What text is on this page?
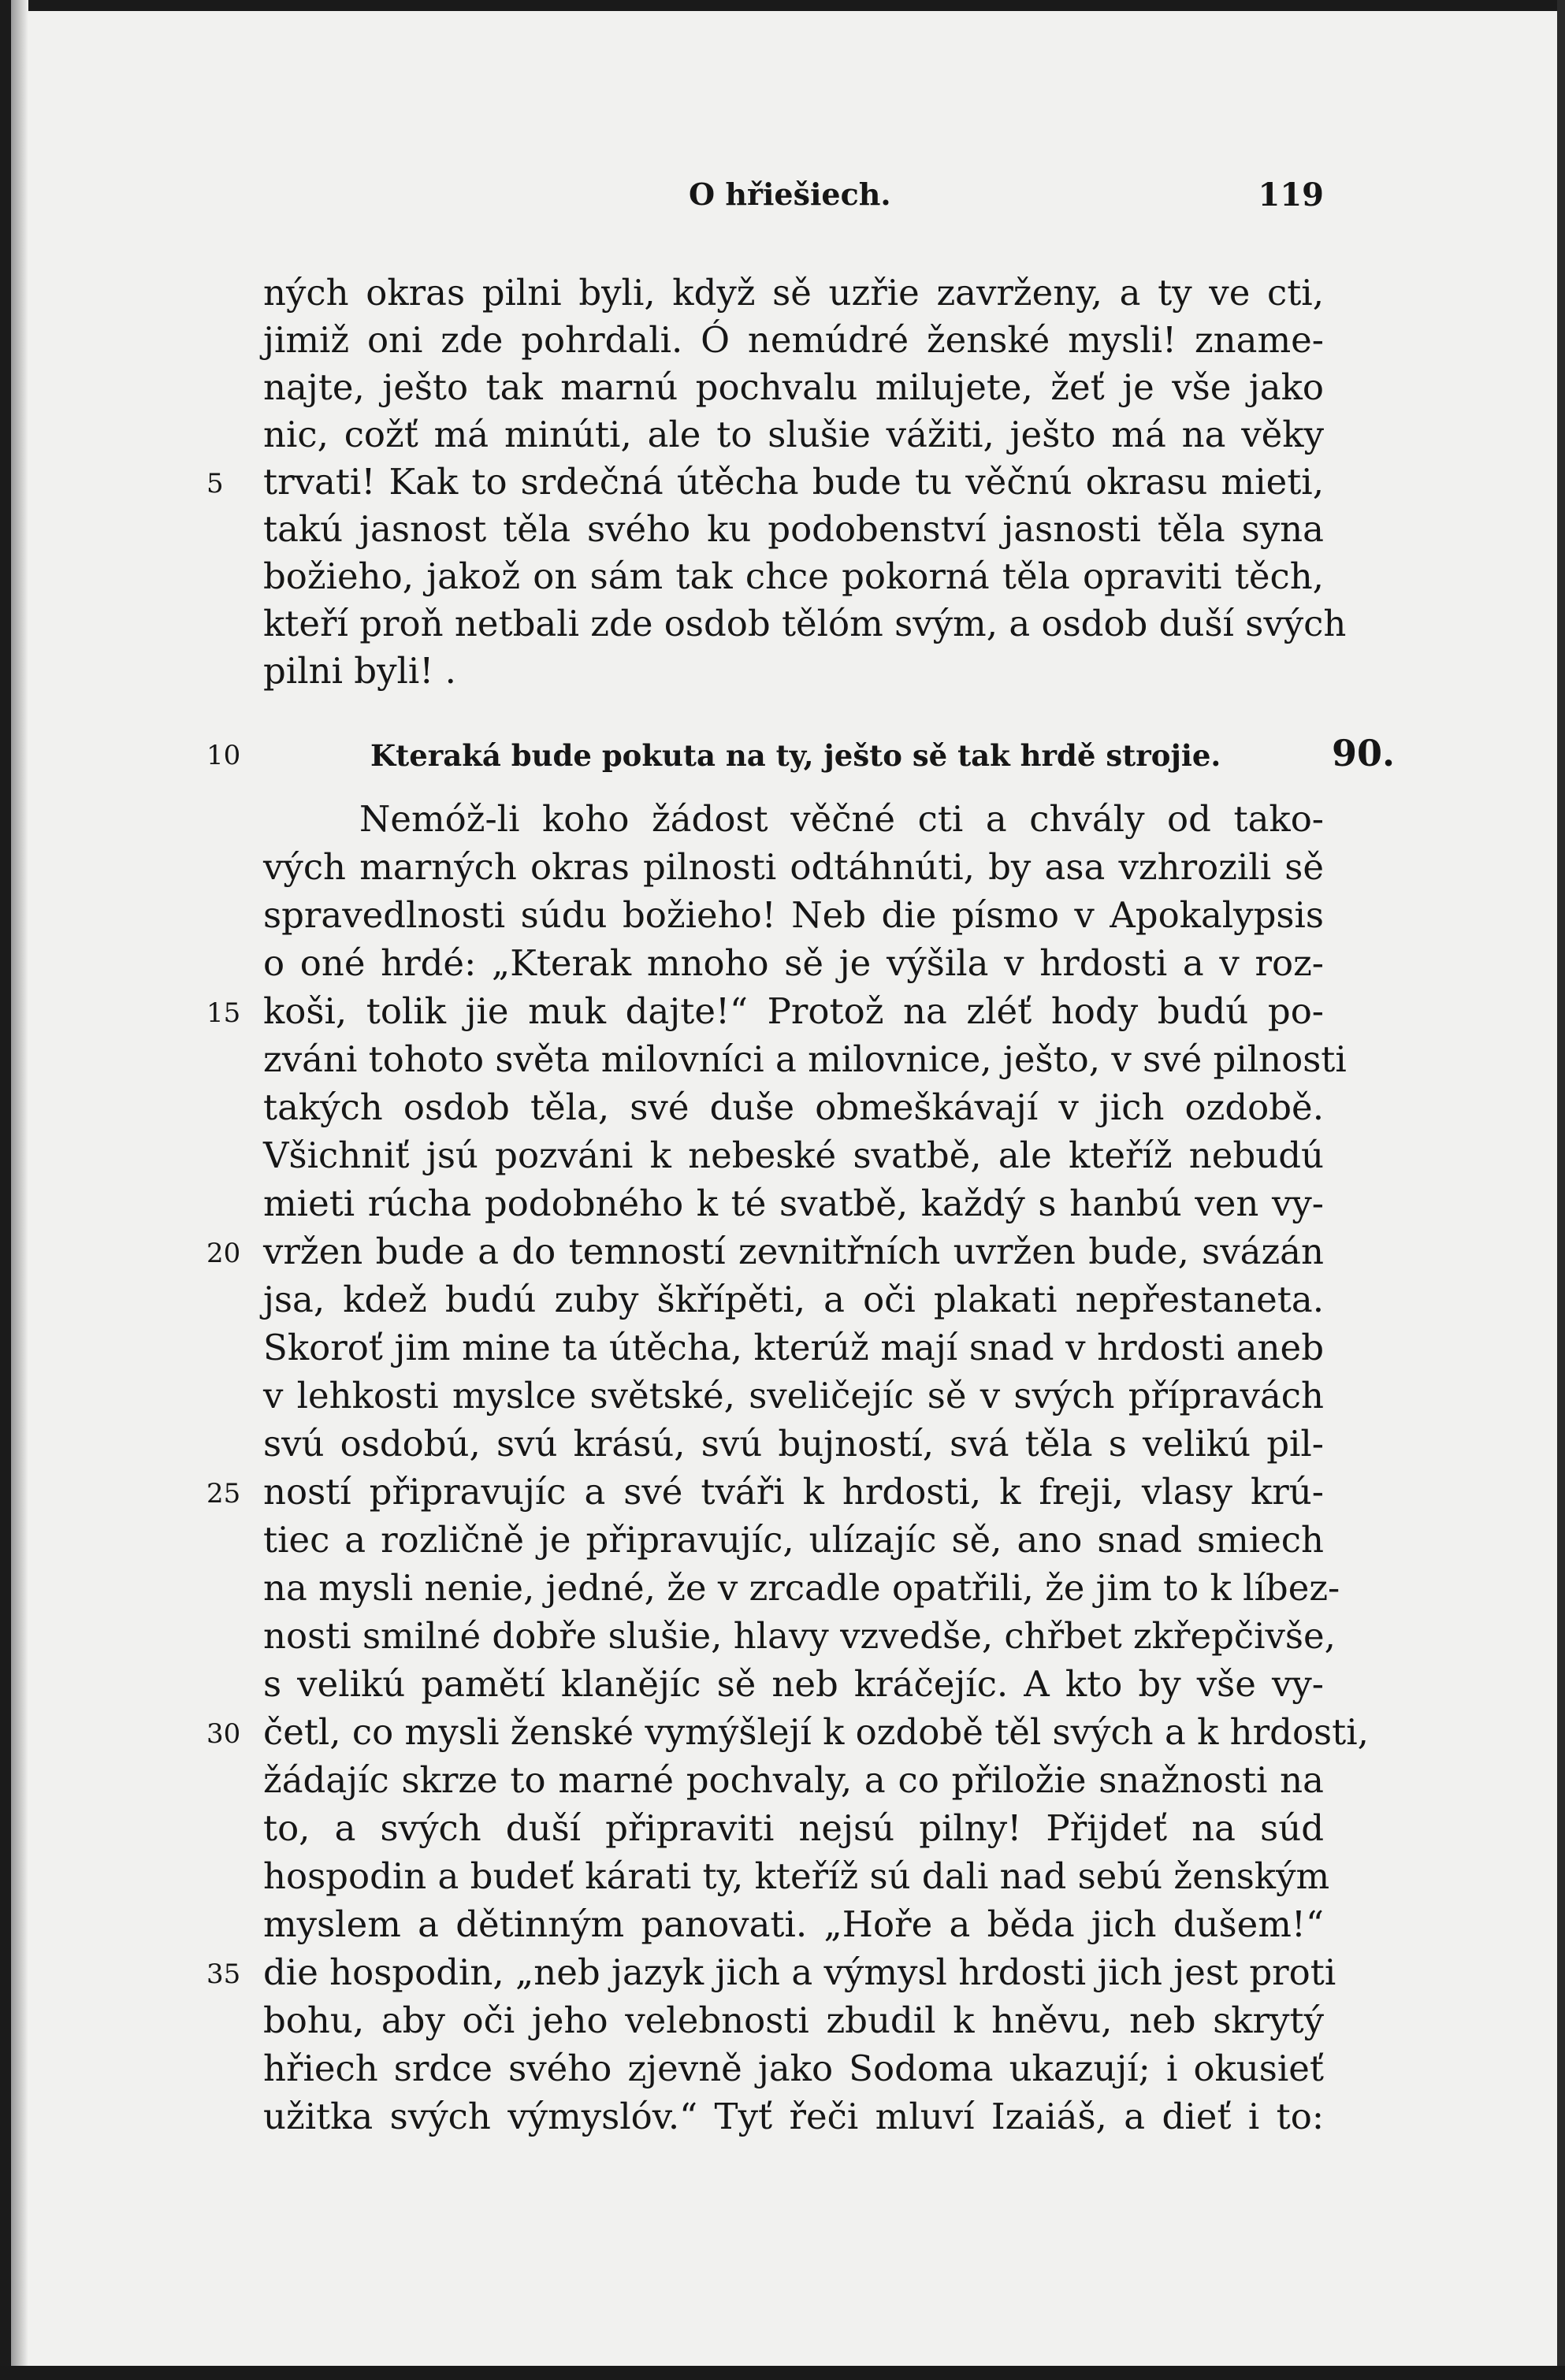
O hřiešiech.	119
ných okras pilni byli, když sě uzřie zavrženy, a ty ve cti,
jimiž oni zde pohrdali. Ó nemúdré ženské mysli! zname-
najte, ješto tak marnú pochvalu milujete, žeť je vše jako
nic, cožť má minúti, ale to slušie vážiti, ješto má na věky
trvati! Kak to srdečná útěcha bude tu věčnú okrasu mieti,
takú jasnost těla svého ku podobenství jasnosti těla syna
božieho, jakož on sám tak chce pokorná těla opraviti těch,
kteří proň netbali zde osdob tělóm svým, a osdob duší svých
pilni byli! .
10	Kteraká bude pokuta na ty, ješto sě tak hrdě strojie.	90.
Nemóž-li koho žádost věčné cti a chvály od tako-
vých marných okras pilnosti odtáhnúti, by asa vzhrozili sě
spravedlnosti súdu božieho! Neb die písmo v Apokalypsis
o oné hrdé: „Kterak mnoho sě je výšila v hrdosti a v roz-
koši, tolik jie muk dajte!“ Protož na zléť hody budú po-
zváni tohoto světa milovníci a milovnice, ješto, v své pilnosti
takých osdob těla, své duše obmeškávají v jich ozdobě.
Všichniť jsú pozváni k nebeské svatbě, ale kteříž nebudú
mieti rúcha podobného k té svatbě, každý s hanbú ven vy-
vržen bude a do temností zevnitřních uvržen bude, svázán
jsa, kdež budú zuby škřípěti, a oči plakati nepřestaneta.
Skoroť jim mine ta útěcha, kterúž mají snad v hrdosti aneb
v lehkosti myslce světské, sveličejíc sě v svých přípravách
svú osdobú, svú krású, svú bujností, svá těla s velikú pil-
ností připravujíc a své tváři k hrdosti, k freji, vlasy krú-
tiec a rozličně je připravujíc, ulízajíc sě, ano snad smiech
na mysli nenie, jedné, že v zrcadle opatřili, že jim to k líbez-
nosti smilné dobře slušie, hlavy vzvedše, chřbet zkřepčivše,
s velikú pamětí klanějíc sě neb kráčejíc. A kto by vše vy-
četl, co mysli ženské vymýšlejí k ozdobě těl svých a k hrdosti,
žádajíc skrze to marné pochvaly, a co přiložie snažnosti na
to, a svých duší připraviti nejsú pilny! Přijdeť na súd
hospodin a budeť kárati ty, kteříž sú dali nad sebú ženským
myslem a dětinným panovati. „Hoře a běda jich dušem!“
die hospodin, „neb jazyk jich a výmysl hrdosti jich jest proti
bohu, aby oči jeho velebnosti zbudil k hněvu, neb skrytý
hřiech srdce svého zjevně jako Sodoma ukazují; i okusieť
užitka svých výmyslóv.“ Tyť řeči mluví Izaiáš, a dieť i to:
5
15
20
25
30
35
